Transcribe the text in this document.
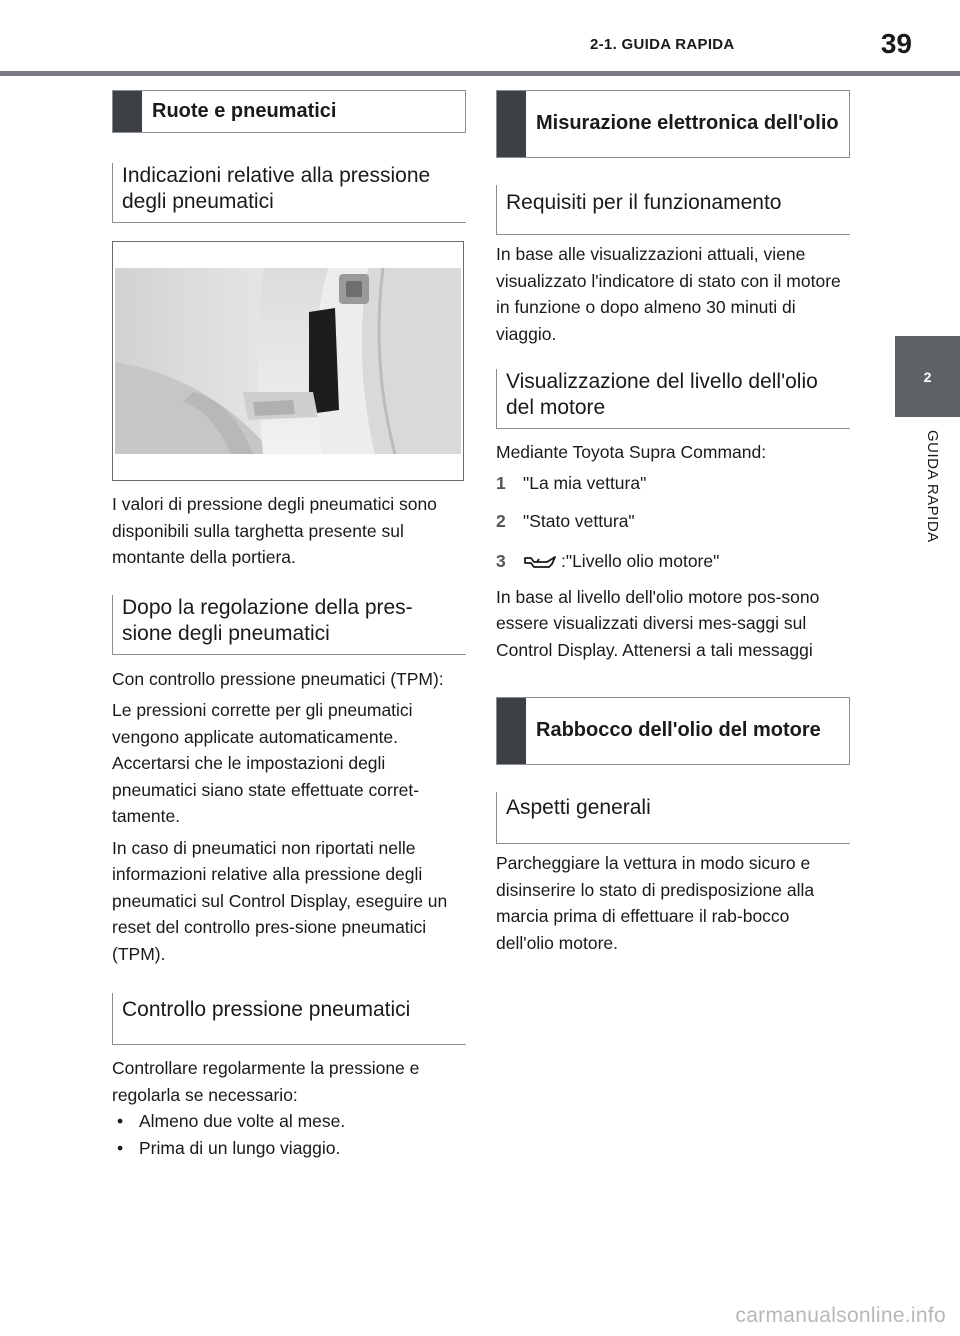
2-1. GUIDA RAPIDA	39
2
GUIDA RAPIDA
Ruote e pneumatici
Indicazioni relative alla pressione degli pneumatici

I valori di pressione degli pneumatici sono disponibili sulla targhetta presente sul montante della portiera.

Dopo la regolazione della pres-sione degli pneumatici

Con controllo pressione pneumatici (TPM):

Le pressioni corrette per gli pneumatici vengono applicate automaticamente. Accertarsi che le impostazioni degli pneumatici siano state effettuate corret-tamente.

In caso di pneumatici non riportati nelle informazioni relative alla pressione degli pneumatici sul Control Display, eseguire un reset del controllo pres-sione pneumatici (TPM).

Controllo pressione pneumatici

Controllare regolarmente la pressione e regolarla se necessario:

• Almeno due volte al mese.
• Prima di un lungo viaggio.
Misurazione elettronica dell'olio
Requisiti per il funzionamento

In base alle visualizzazioni attuali, viene visualizzato l'indicatore di stato con il motore in funzione o dopo almeno 30 minuti di viaggio.

Visualizzazione del livello dell'olio del motore

Mediante Toyota Supra Command:

1 "La mia vettura"
2 "Stato vettura"
3	:"Livello olio motore"

In base al livello dell'olio motore pos-sono essere visualizzati diversi mes-saggi sul Control Display. Attenersi a tali messaggi

Rabbocco dell'olio del motore
Aspetti generali

Parcheggiare la vettura in modo sicuro e disinserire lo stato di predisposizione alla marcia prima di effettuare il rab-bocco dell'olio motore.

carmanualsonline.info
